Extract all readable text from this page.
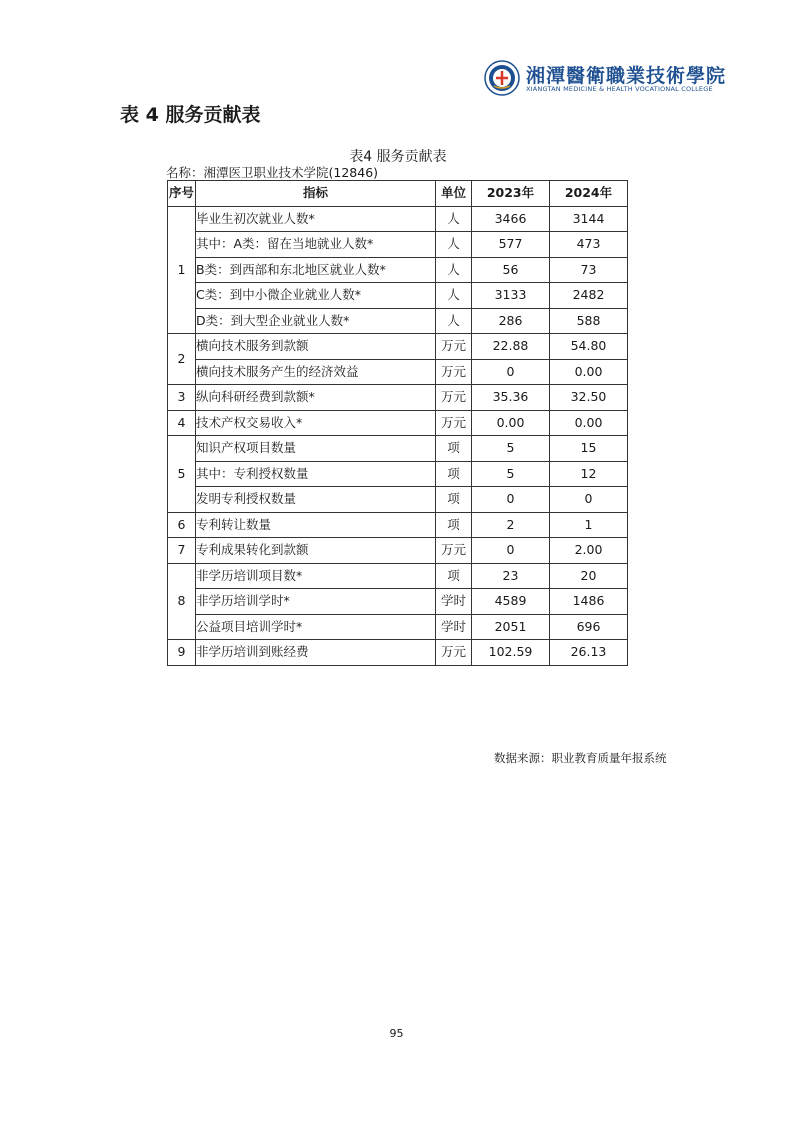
湘潭醫衛職業技術學院
XIANGTAN MEDICINE & HEALTH VOCATIONAL COLLEGE
表 4 服务贡献表
表4 服务贡献表
名称：湘潭医卫职业技术学院(12846)
序号	指标	单位	2023年	2024年
1	毕业生初次就业人数*	人	3466	3144
	其中：A类：留在当地就业人数*	人	577	473
	B类：到西部和东北地区就业人数*	人	56	73
	C类：到中小微企业就业人数*	人	3133	2482
	D类：到大型企业就业人数*	人	286	588
2	横向技术服务到款额	万元	22.88	54.80
	横向技术服务产生的经济效益	万元	0	0.00
3	纵向科研经费到款额*	万元	35.36	32.50
4	技术产权交易收入*	万元	0.00	0.00
5	知识产权项目数量	项	5	15
	其中：专利授权数量	项	5	12
	发明专利授权数量	项	0	0
6	专利转让数量	项	2	1
7	专利成果转化到款额	万元	0	2.00
8	非学历培训项目数*	项	23	20
	非学历培训学时*	学时	4589	1486
	公益项目培训学时*	学时	2051	696
9	非学历培训到账经费	万元	102.59	26.13
数据来源：职业教育质量年报系统
95
